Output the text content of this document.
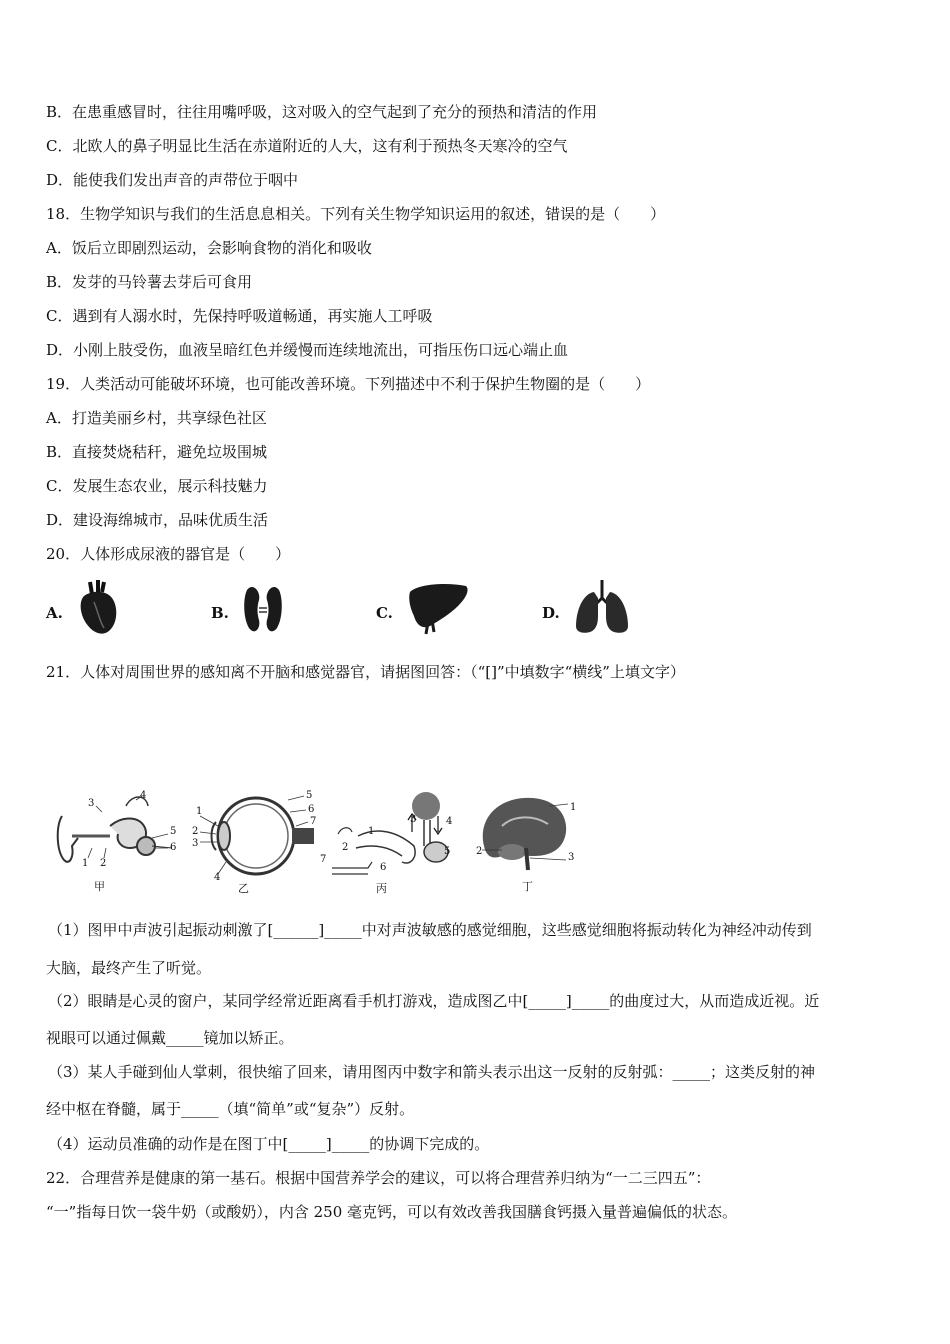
B．在患重感冒时，往往用嘴呼吸，这对吸入的空气起到了充分的预热和清洁的作用
C．北欧人的鼻子明显比生活在赤道附近的人大，这有利于预热冬天寒冷的空气
D．能使我们发出声音的声带位于咽中
18．生物学知识与我们的生活息息相关。下列有关生物学知识运用的叙述，错误的是（　　）
A．饭后立即剧烈运动，会影响食物的消化和吸收
B．发芽的马铃薯去芽后可食用
C．遇到有人溺水时，先保持呼吸道畅通，再实施人工呼吸
D．小刚上肢受伤，血液呈暗红色并缓慢而连续地流出，可指压伤口远心端止血
19．人类活动可能破坏环境，也可能改善环境。下列描述中不利于保护生物圈的是（　　）
A．打造美丽乡村，共享绿色社区
B．直接焚烧秸秆，避免垃圾围城
C．发展生态农业，展示科技魅力
D．建设海绵城市，品味优质生活
20．人体形成尿液的器官是（　　）
A.	B.	C.	D.
21．人体对周围世界的感知离不开脑和感觉器官，请据图回答：（“[]”中填数字“横线”上填文字）
4
3
5
6
1 2
甲
1
5
6
7
2
3
4
乙
3	4
2
1
5
6
7
丙
1
2
3
丁
（1）图甲中声波引起振动刺激了[______]_____中对声波敏感的感觉细胞，这些感觉细胞将振动转化为神经冲动传到
大脑，最终产生了听觉。
（2）眼睛是心灵的窗户，某同学经常近距离看手机打游戏，造成图乙中[_____]_____的曲度过大，从而造成近视。近
视眼可以通过佩戴_____镜加以矫正。
（3）某人手碰到仙人掌刺，很快缩了回来，请用图丙中数字和箭头表示出这一反射的反射弧：_____；这类反射的神
经中枢在脊髓，属于_____（填“简单”或“复杂”）反射。
（4）运动员准确的动作是在图丁中[_____]_____的协调下完成的。
22．合理营养是健康的第一基石。根据中国营养学会的建议，可以将合理营养归纳为“一二三四五”：
“一”指每日饮一袋牛奶（或酸奶），内含 250 毫克钙，可以有效改善我国膳食钙摄入量普遍偏低的状态。
